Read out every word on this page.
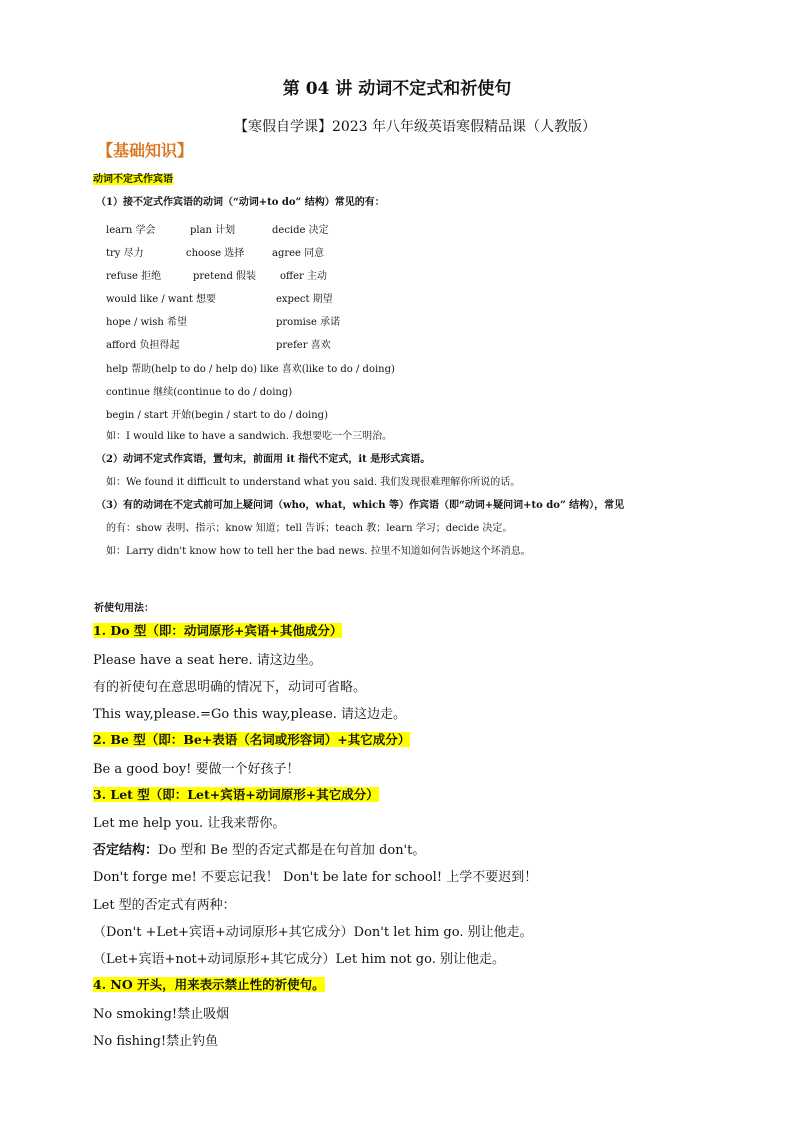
第 04 讲 动词不定式和祈使句
【寒假自学课】2023 年八年级英语寒假精品课（人教版）
【基础知识】
动词不定式作宾语
（1）接不定式作宾语的动词（“动词+to do” 结构）常见的有：
learn 学会	plan 计划	decide 决定
try 尽力	choose 选择	agree 同意
refuse 拒绝	pretend 假装 offer 主动
would like / want 想要	expect 期望
hope / wish 希望	promise 承诺
afford 负担得起	prefer 喜欢
help 帮助(help to do / help do) like 喜欢(like to do / doing)
continue 继续(continue to do / doing)
begin / start 开始(begin / start to do / doing)
如：I would like to have a sandwich. 我想要吃一个三明治。
（2）动词不定式作宾语，置句末，前面用 it 指代不定式，it 是形式宾语。
如：We found it difficult to understand what you said. 我们发现很难理解你所说的话。
（3）有的动词在不定式前可加上疑问词（who，what，which 等）作宾语（即“动词+疑问词+to do” 结构），常见
的有：show 表明、指示；know 知道；tell 告诉；teach 教；learn 学习；decide 决定。
如：Larry didn't know how to tell her the bad news. 拉里不知道如何告诉她这个坏消息。
祈使句用法：
1. Do 型（即：动词原形+宾语+其他成分）
Please have a seat here. 请这边坐。
有的祈使句在意思明确的情况下，动词可省略。
This way,please.=Go this way,please. 请这边走。
2. Be 型（即：Be+表语（名词或形容词）+其它成分）
Be a good boy! 要做一个好孩子！
3. Let 型（即：Let+宾语+动词原形+其它成分）
Let me help you. 让我来帮你。
否定结构：Do 型和 Be 型的否定式都是在句首加 don't。
Don't forge me! 不要忘记我！ Don't be late for school! 上学不要迟到！
Let 型的否定式有两种：
（Don't +Let+宾语+动词原形+其它成分）Don't let him go. 别让他走。
（Let+宾语+not+动词原形+其它成分）Let him not go. 别让他走。
4. NO 开头，用来表示禁止性的祈使句。
No smoking!禁止吸烟
No fishing!禁止钓鱼
